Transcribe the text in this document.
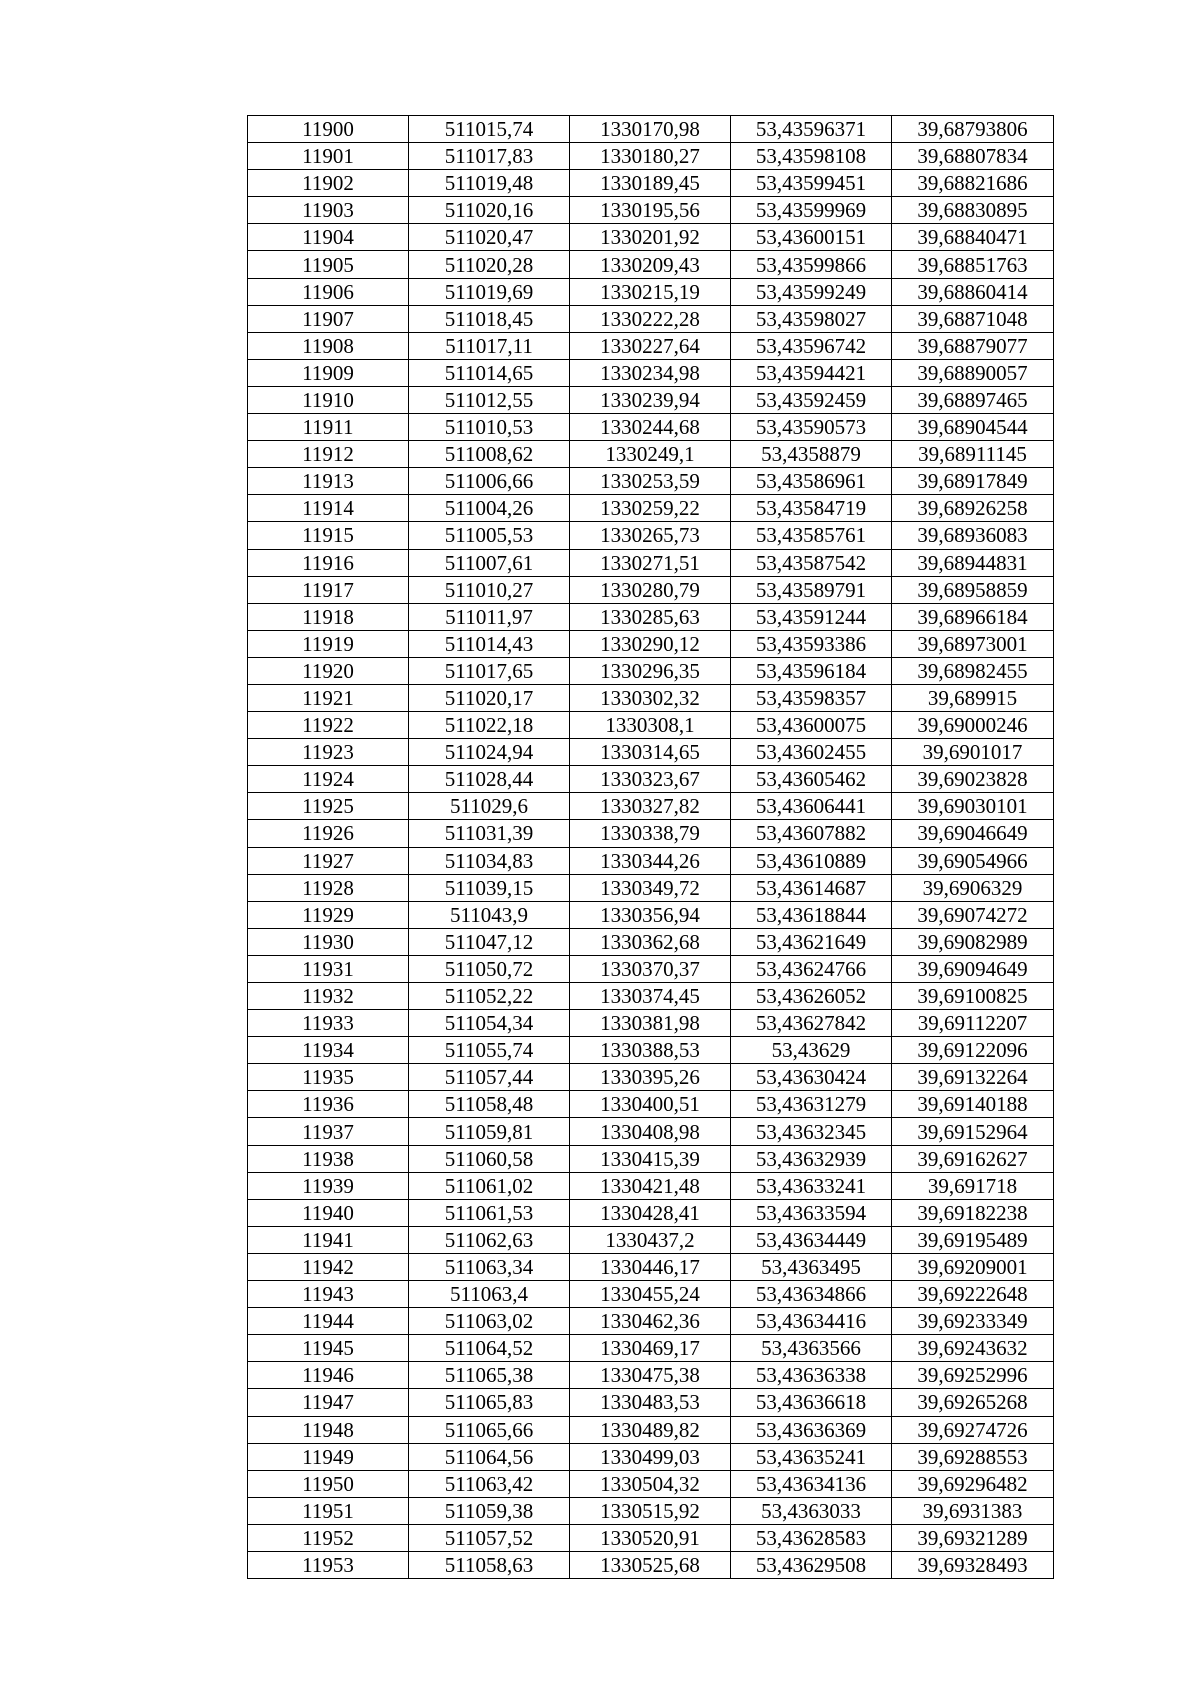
11900	511015,74	1330170,98	53,43596371	39,68793806
11901	511017,83	1330180,27	53,43598108	39,68807834
11902	511019,48	1330189,45	53,43599451	39,68821686
11903	511020,16	1330195,56	53,43599969	39,68830895
11904	511020,47	1330201,92	53,43600151	39,68840471
11905	511020,28	1330209,43	53,43599866	39,68851763
11906	511019,69	1330215,19	53,43599249	39,68860414
11907	511018,45	1330222,28	53,43598027	39,68871048
11908	511017,11	1330227,64	53,43596742	39,68879077
11909	511014,65	1330234,98	53,43594421	39,68890057
11910	511012,55	1330239,94	53,43592459	39,68897465
11911	511010,53	1330244,68	53,43590573	39,68904544
11912	511008,62	1330249,1	53,4358879	39,68911145
11913	511006,66	1330253,59	53,43586961	39,68917849
11914	511004,26	1330259,22	53,43584719	39,68926258
11915	511005,53	1330265,73	53,43585761	39,68936083
11916	511007,61	1330271,51	53,43587542	39,68944831
11917	511010,27	1330280,79	53,43589791	39,68958859
11918	511011,97	1330285,63	53,43591244	39,68966184
11919	511014,43	1330290,12	53,43593386	39,68973001
11920	511017,65	1330296,35	53,43596184	39,68982455
11921	511020,17	1330302,32	53,43598357	39,689915
11922	511022,18	1330308,1	53,43600075	39,69000246
11923	511024,94	1330314,65	53,43602455	39,6901017
11924	511028,44	1330323,67	53,43605462	39,69023828
11925	511029,6	1330327,82	53,43606441	39,69030101
11926	511031,39	1330338,79	53,43607882	39,69046649
11927	511034,83	1330344,26	53,43610889	39,69054966
11928	511039,15	1330349,72	53,43614687	39,6906329
11929	511043,9	1330356,94	53,43618844	39,69074272
11930	511047,12	1330362,68	53,43621649	39,69082989
11931	511050,72	1330370,37	53,43624766	39,69094649
11932	511052,22	1330374,45	53,43626052	39,69100825
11933	511054,34	1330381,98	53,43627842	39,69112207
11934	511055,74	1330388,53	53,43629	39,69122096
11935	511057,44	1330395,26	53,43630424	39,69132264
11936	511058,48	1330400,51	53,43631279	39,69140188
11937	511059,81	1330408,98	53,43632345	39,69152964
11938	511060,58	1330415,39	53,43632939	39,69162627
11939	511061,02	1330421,48	53,43633241	39,691718
11940	511061,53	1330428,41	53,43633594	39,69182238
11941	511062,63	1330437,2	53,43634449	39,69195489
11942	511063,34	1330446,17	53,4363495	39,69209001
11943	511063,4	1330455,24	53,43634866	39,69222648
11944	511063,02	1330462,36	53,43634416	39,69233349
11945	511064,52	1330469,17	53,4363566	39,69243632
11946	511065,38	1330475,38	53,43636338	39,69252996
11947	511065,83	1330483,53	53,43636618	39,69265268
11948	511065,66	1330489,82	53,43636369	39,69274726
11949	511064,56	1330499,03	53,43635241	39,69288553
11950	511063,42	1330504,32	53,43634136	39,69296482
11951	511059,38	1330515,92	53,4363033	39,6931383
11952	511057,52	1330520,91	53,43628583	39,69321289
11953	511058,63	1330525,68	53,43629508	39,69328493
